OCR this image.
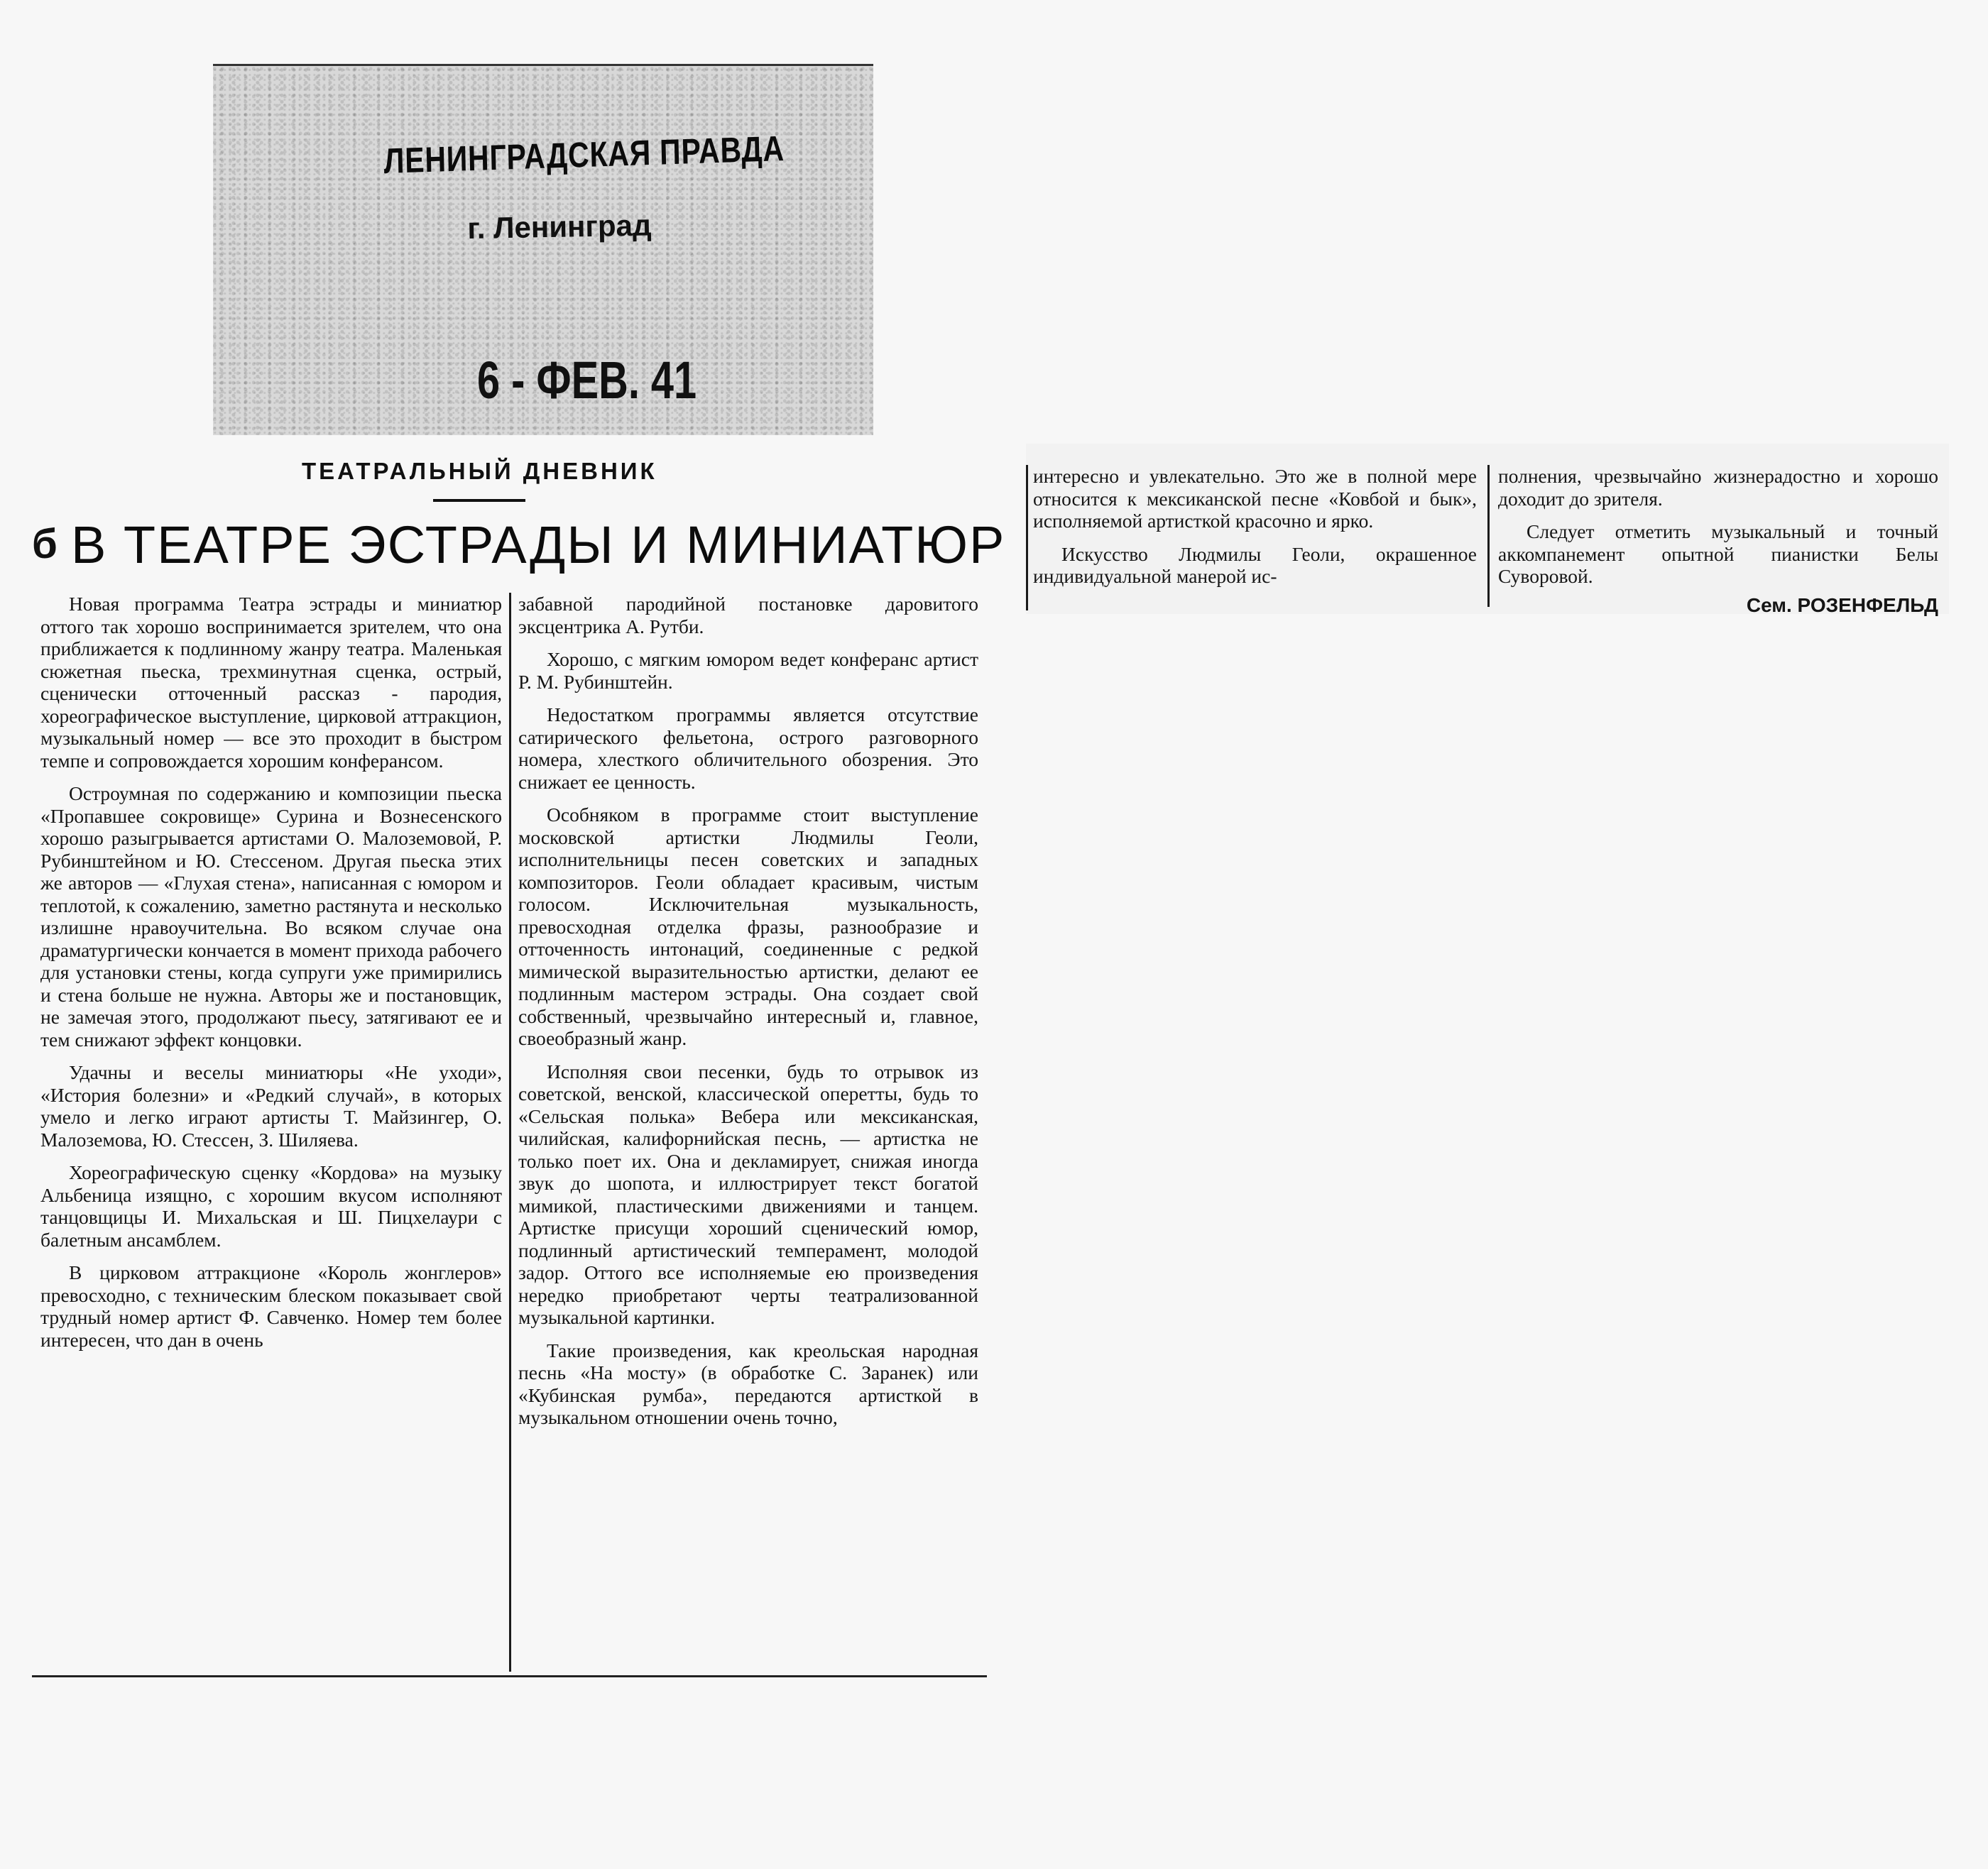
ЛЕНИНГРАДСКАЯ ПРАВДА
г. Ленинград
6 - ФЕВ. 41
ТЕАТРАЛЬНЫЙ ДНЕВНИК
б В ТЕАТРЕ ЭСТРАДЫ И МИНИАТЮР

Новая программа Театра эстрады и миниатюр оттого так хорошо воспринимается зрителем, что она приближается к подлинному жанру театра. Маленькая сюжетная пьеска, трехминутная сценка, острый, сценически отточенный рассказ - пародия, хореографическое выступление, цирковой аттракцион, музыкальный номер — все это проходит в быстром темпе и сопровождается хорошим конферансом.

Остроумная по содержанию и композиции пьеска «Пропавшее сокровище» Сурина и Вознесенского хорошо разыгрывается артистами О. Малоземовой, Р. Рубинштейном и Ю. Стессеном. Другая пьеска этих же авторов — «Глухая стена», написанная с юмором и теплотой, к сожалению, заметно растянута и несколько излишне нравоучительна. Во всяком случае она драматургически кончается в момент прихода рабочего для установки стены, когда супруги уже примирились и стена больше не нужна. Авторы же и постановщик, не замечая этого, продолжают пьесу, затягивают ее и тем снижают эффект концовки.

Удачны и веселы миниатюры «Не уходи», «История болезни» и «Редкий случай», в которых умело и легко играют артисты Т. Майзингер, О. Малоземова, Ю. Стессен, З. Шиляева.

Хореографическую сценку «Кордова» на музыку Альбеница изящно, с хорошим вкусом исполняют танцовщицы И. Михальская и Ш. Пицхелаури с балетным ансамблем.

В цирковом аттракционе «Король жонглеров» превосходно, с техническим блеском показывает свой трудный номер артист Ф. Савченко. Номер тем более интересен, что дан в очень

забавной пародийной постановке даровитого эксцентрика А. Рутби.

Хорошо, с мягким юмором ведет конферанс артист Р. М. Рубинштейн.

Недостатком программы является отсутствие сатирического фельетона, острого разговорного номера, хлесткого обличительного обозрения. Это снижает ее ценность.

Особняком в программе стоит выступление московской артистки Людмилы Геоли, исполнительницы песен советских и западных композиторов. Геоли обладает красивым, чистым голосом. Исключительная музыкальность, превосходная отделка фразы, разнообразие и отточенность интонаций, соединенные с редкой мимической выразительностью артистки, делают ее подлинным мастером эстрады. Она создает свой собственный, чрезвычайно интересный и, главное, своеобразный жанр.

Исполняя свои песенки, будь то отрывок из советской, венской, классической оперетты, будь то «Сельская полька» Вебера или мексиканская, чилийская, калифорнийская песнь, — артистка не только поет их. Она и декламирует, снижая иногда звук до шопота, и иллюстрирует текст богатой мимикой, пластическими движениями и танцем. Артистке присущи хороший сценический юмор, подлинный артистический темперамент, молодой задор. Оттого все исполняемые ею произведения нередко приобретают черты театрализованной музыкальной картинки.

Такие произведения, как креольская народная песнь «На мосту» (в обработке С. Заранек) или «Кубинская румба», передаются артисткой в музыкальном отношении очень точно,

интересно и увлекательно. Это же в полной мере относится к мексиканской песне «Ковбой и бык», исполняемой артисткой красочно и ярко.

Искусство Людмилы Геоли, окрашенное индивидуальной манерой ис-

полнения, чрезвычайно жизнерадостно и хорошо доходит до зрителя.

Следует отметить музыкальный и точный аккомпанемент опытной пианистки Белы Суворовой.

Сем. РОЗЕНФЕЛЬД
